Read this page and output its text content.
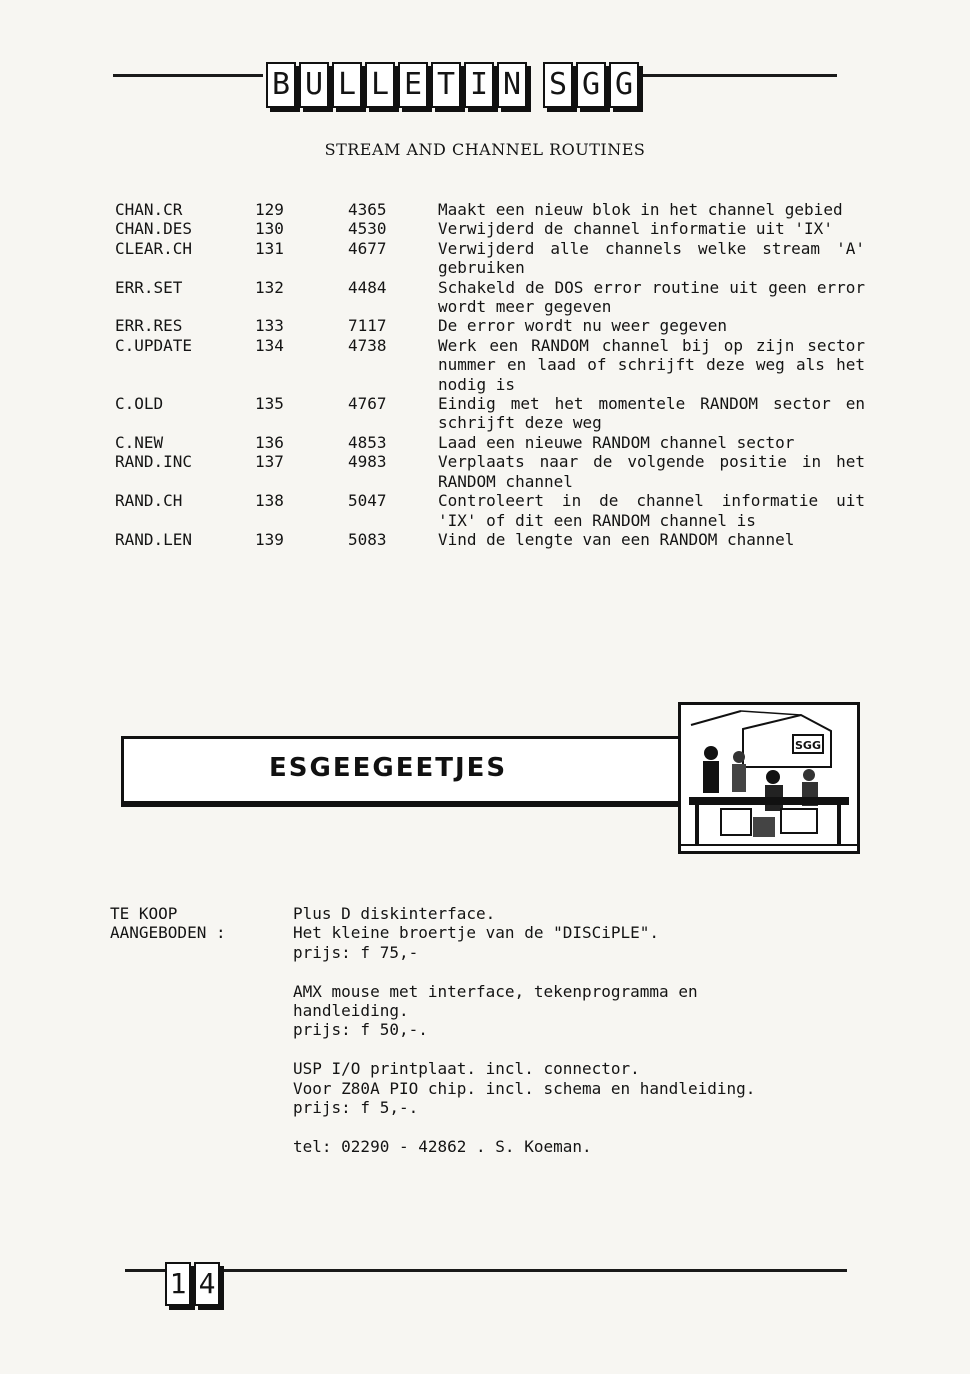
B U L L E T I N S G G
STREAM AND CHANNEL ROUTINES
CHAN.CR	129	4365	Maakt een nieuw blok in het channel gebied
CHAN.DES	130	4530	Verwijderd de channel informatie uit 'IX'
CLEAR.CH	131	4677	Verwijderd alle channels welke stream 'A' gebruiken
ERR.SET	132	4484	Schakeld de DOS error routine uit geen error wordt meer gegeven
ERR.RES	133	7117	De error wordt nu weer gegeven
C.UPDATE	134	4738	Werk een RANDOM channel bij op zijn sector nummer en laad of schrijft deze weg als het nodig is
C.OLD	135	4767	Eindig met het momentele RANDOM sector en schrijft deze weg
C.NEW	136	4853	Laad een nieuwe RANDOM channel sector
RAND.INC	137	4983	Verplaats naar de volgende positie in het RANDOM channel
RAND.CH	138	5047	Controleert in de channel informatie uit 'IX' of dit een RANDOM channel is
RAND.LEN	139	5083	Vind de lengte van een RANDOM channel
ESGEEGEETJES
SGG
TE KOOP
AANGEBODEN :
Plus D diskinterface.
Het kleine broertje van de "DISCiPLE".
prijs: f 75,-
AMX mouse met interface, tekenprogramma en
handleiding.
prijs: f 50,-.
USP I/O printplaat. incl. connector.
Voor Z80A PIO chip. incl. schema en handleiding.
prijs: f 5,-.
tel: 02290 - 42862 . S. Koeman.
1 4
